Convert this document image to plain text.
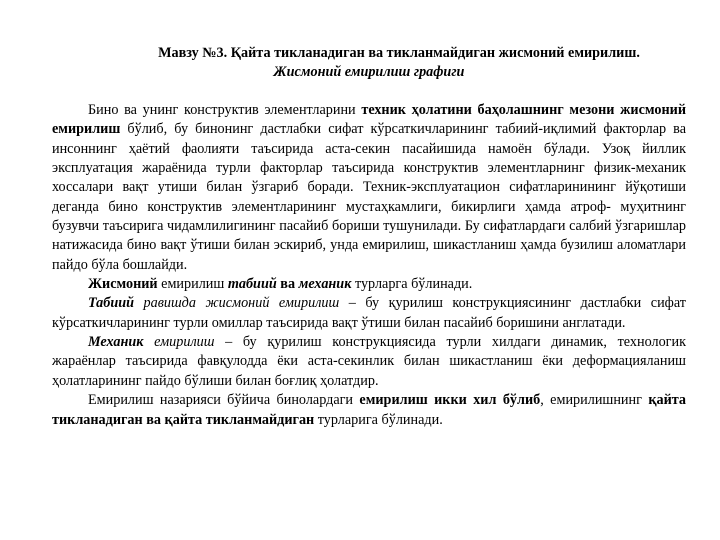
Мавзу №3. Қайта тикланадиган ва тикланмайдиган жисмоний емирилиш.
Жисмоний емирилиш графиги

Бино ва унинг конструктив элементларини техник ҳолатини баҳолашнинг мезони жисмоний емирилиш бўлиб, бу бинонинг дастлабки сифат кўрсаткичларининг табиий-иқлимий факторлар ва инсоннинг ҳаётий фаолияти таъсирида аста-секин пасайишида намоён бўлади. Узоқ йиллик эксплуатация жараёнида турли факторлар таъсирида конструктив элементларнинг физик-механик хоссалари вақт утиши билан ўзгариб боради. Техник-эксплуатацион сифатларинининг йўқотиши деганда бино конструктив элементларининг мустаҳкамлиги, бикирлиги ҳамда атроф- муҳитнинг бузувчи таъсирига чидамлилигининг пасайиб бориши тушунилади. Бу сифатлардаги салбий ўзгаришлар натижасида бино вақт ўтиши билан эскириб, унда емирилиш, шикастланиш ҳамда бузилиш аломатлари пайдо бўла бошлайди.

Жисмоний емирилиш табиий ва механик турларга бўлинади.

Табиий равишда жисмоний емирилиш – бу қурилиш конструкциясининг дастлабки сифат кўрсаткичларининг турли омиллар таъсирида вақт ўтиши билан пасайиб боришини англатади.

Механик емирилиш – бу қурилиш конструкциясида турли хилдаги динамик, технологик жараёнлар таъсирида фавқулодда ёки аста-секинлик билан шикастланиш ёки деформацияланиш ҳолатларининг пайдо бўлиши билан боғлиқ ҳолатдир.

Емирилиш назарияси бўйича бинолардаги емирилиш икки хил бўлиб, емирилишнинг қайта тикланадиган ва қайта тикланмайдиган турларига бўлинади.
